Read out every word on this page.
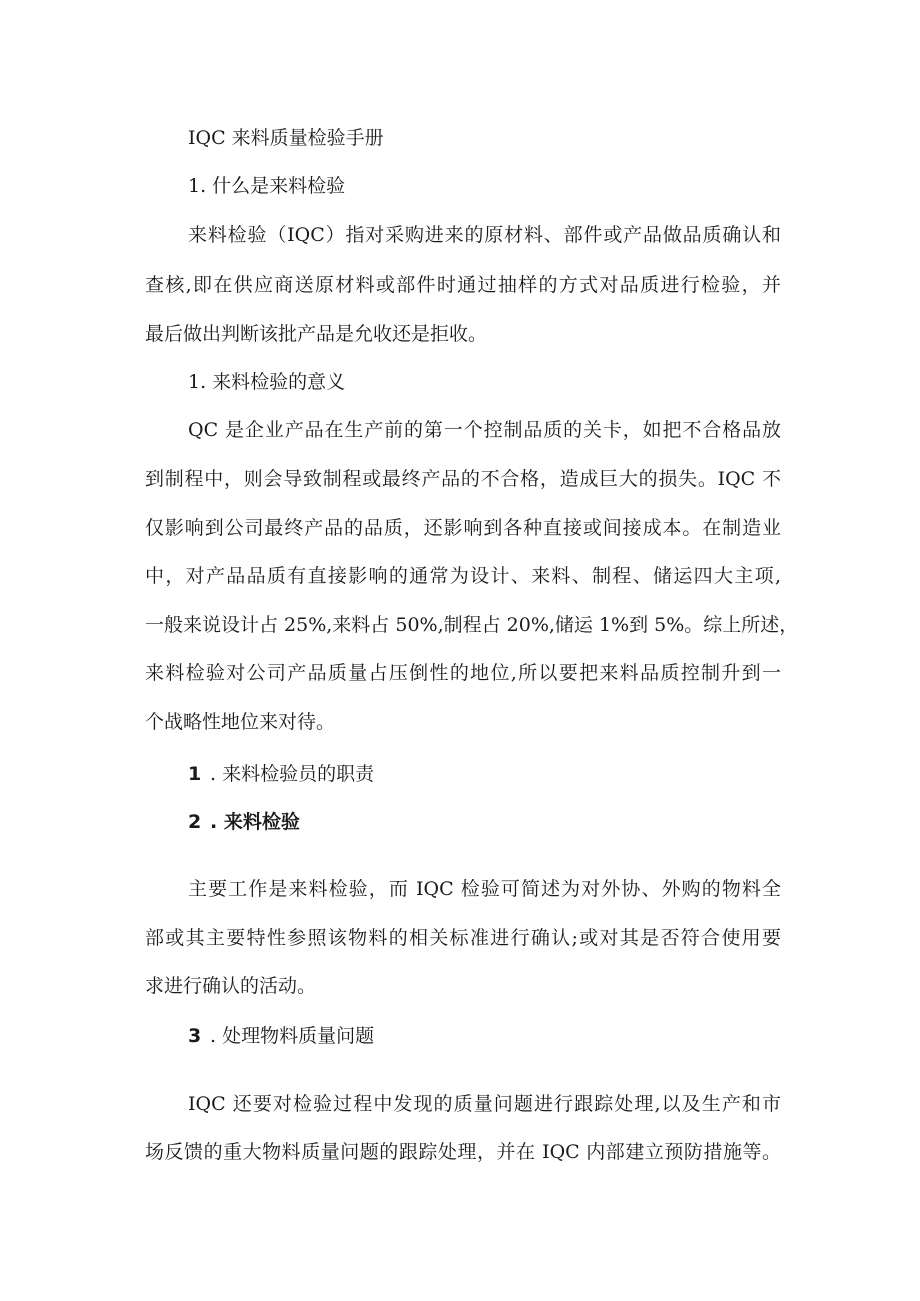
IQC 来料质量检验手册
1. 什么是来料检验
来料检验（IQC）指对采购进来的原材料、部件或产品做品质确认和
查核,即在供应商送原材料或部件时通过抽样的方式对品质进行检验，并
最后做出判断该批产品是允收还是拒收。
1. 来料检验的意义
QC 是企业产品在生产前的第一个控制品质的关卡，如把不合格品放
到制程中，则会导致制程或最终产品的不合格，造成巨大的损失。IQC 不
仅影响到公司最终产品的品质，还影响到各种直接或间接成本。在制造业
中，对产品品质有直接影响的通常为设计、来料、制程、储运四大主项,
一般来说设计占 25%,来料占 50%,制程占 20%,储运 1%到 5%。综上所述，
来料检验对公司产品质量占压倒性的地位,所以要把来料品质控制升到一
个战略性地位来对待。
1 . 来料检验员的职责
2 . 来料检验
主要工作是来料检验，而 IQC 检验可简述为对外协、外购的物料全
部或其主要特性参照该物料的相关标准进行确认;或对其是否符合使用要
求进行确认的活动。
3 . 处理物料质量问题
IQC 还要对检验过程中发现的质量问题进行跟踪处理,以及生产和市
场反馈的重大物料质量问题的跟踪处理，并在 IQC 内部建立预防措施等。
